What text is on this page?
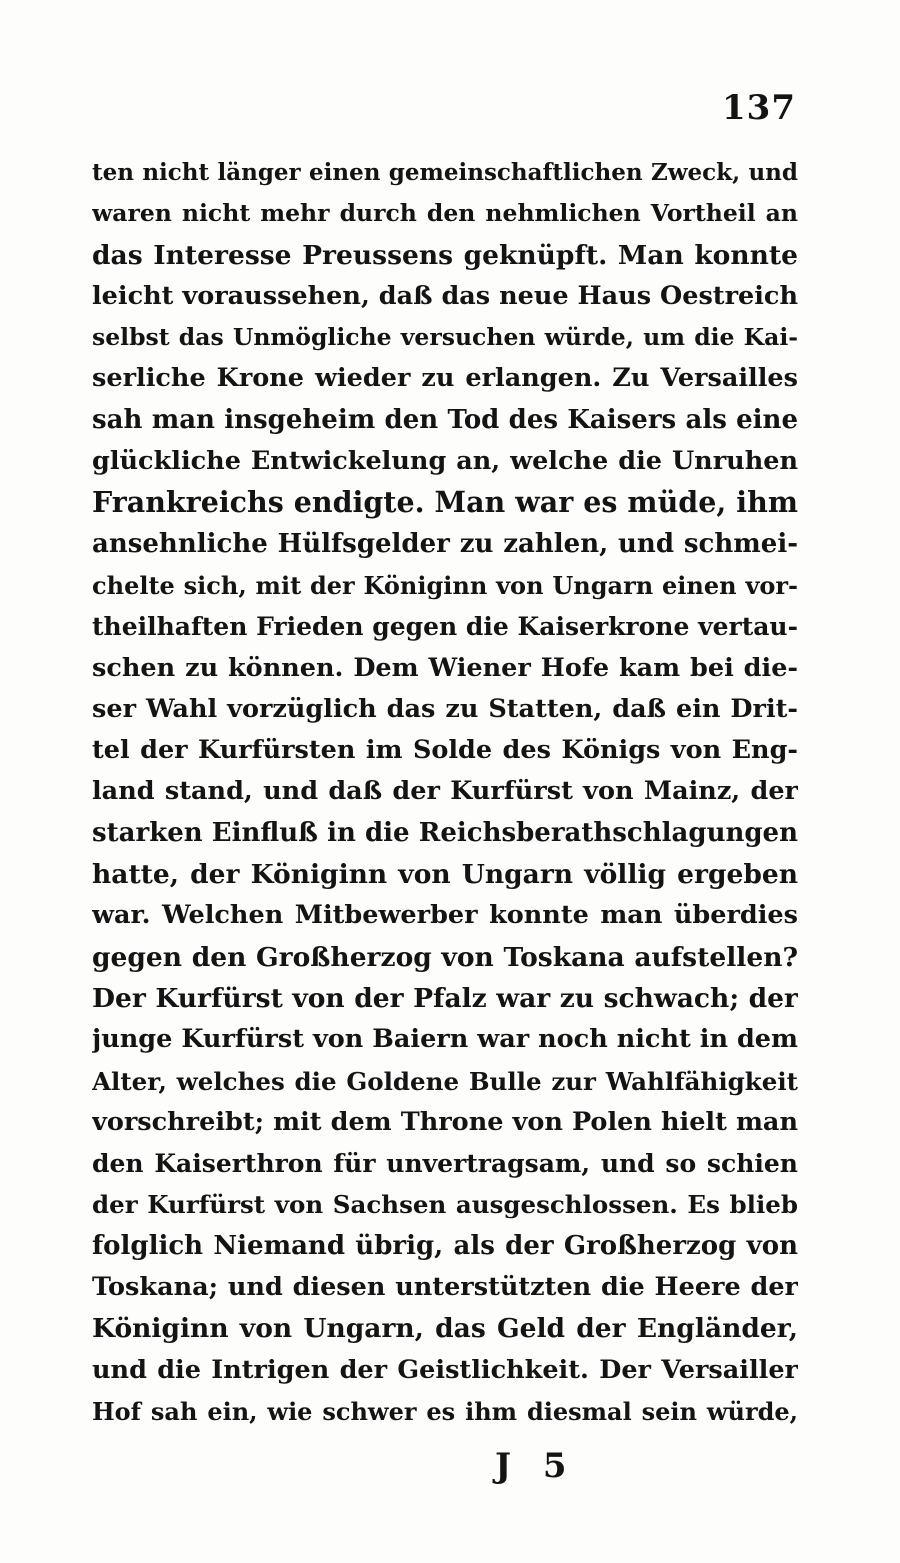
137
ten nicht länger einen gemeinschaftlichen Zweck, und
waren nicht mehr durch den nehmlichen Vortheil an
das Interesse Preussens geknüpft. Man konnte
leicht voraussehen, daß das neue Haus Oestreich
selbst das Unmögliche versuchen würde, um die Kai-
serliche Krone wieder zu erlangen. Zu Versailles
sah man insgeheim den Tod des Kaisers als eine
glückliche Entwickelung an, welche die Unruhen
Frankreichs endigte. Man war es müde, ihm
ansehnliche Hülfsgelder zu zahlen, und schmei-
chelte sich, mit der Königinn von Ungarn einen vor-
theilhaften Frieden gegen die Kaiserkrone vertau-
schen zu können. Dem Wiener Hofe kam bei die-
ser Wahl vorzüglich das zu Statten, daß ein Drit-
tel der Kurfürsten im Solde des Königs von Eng-
land stand, und daß der Kurfürst von Mainz, der
starken Einfluß in die Reichsberathschlagungen
hatte, der Königinn von Ungarn völlig ergeben
war. Welchen Mitbewerber konnte man überdies
gegen den Großherzog von Toskana aufstellen?
Der Kurfürst von der Pfalz war zu schwach; der
junge Kurfürst von Baiern war noch nicht in dem
Alter, welches die Goldene Bulle zur Wahlfähigkeit
vorschreibt; mit dem Throne von Polen hielt man
den Kaiserthron für unvertragsam, und so schien
der Kurfürst von Sachsen ausgeschlossen. Es blieb
folglich Niemand übrig, als der Großherzog von
Toskana; und diesen unterstützten die Heere der
Königinn von Ungarn, das Geld der Engländer,
und die Intrigen der Geistlichkeit. Der Versailler
Hof sah ein, wie schwer es ihm diesmal sein würde,
J 5
